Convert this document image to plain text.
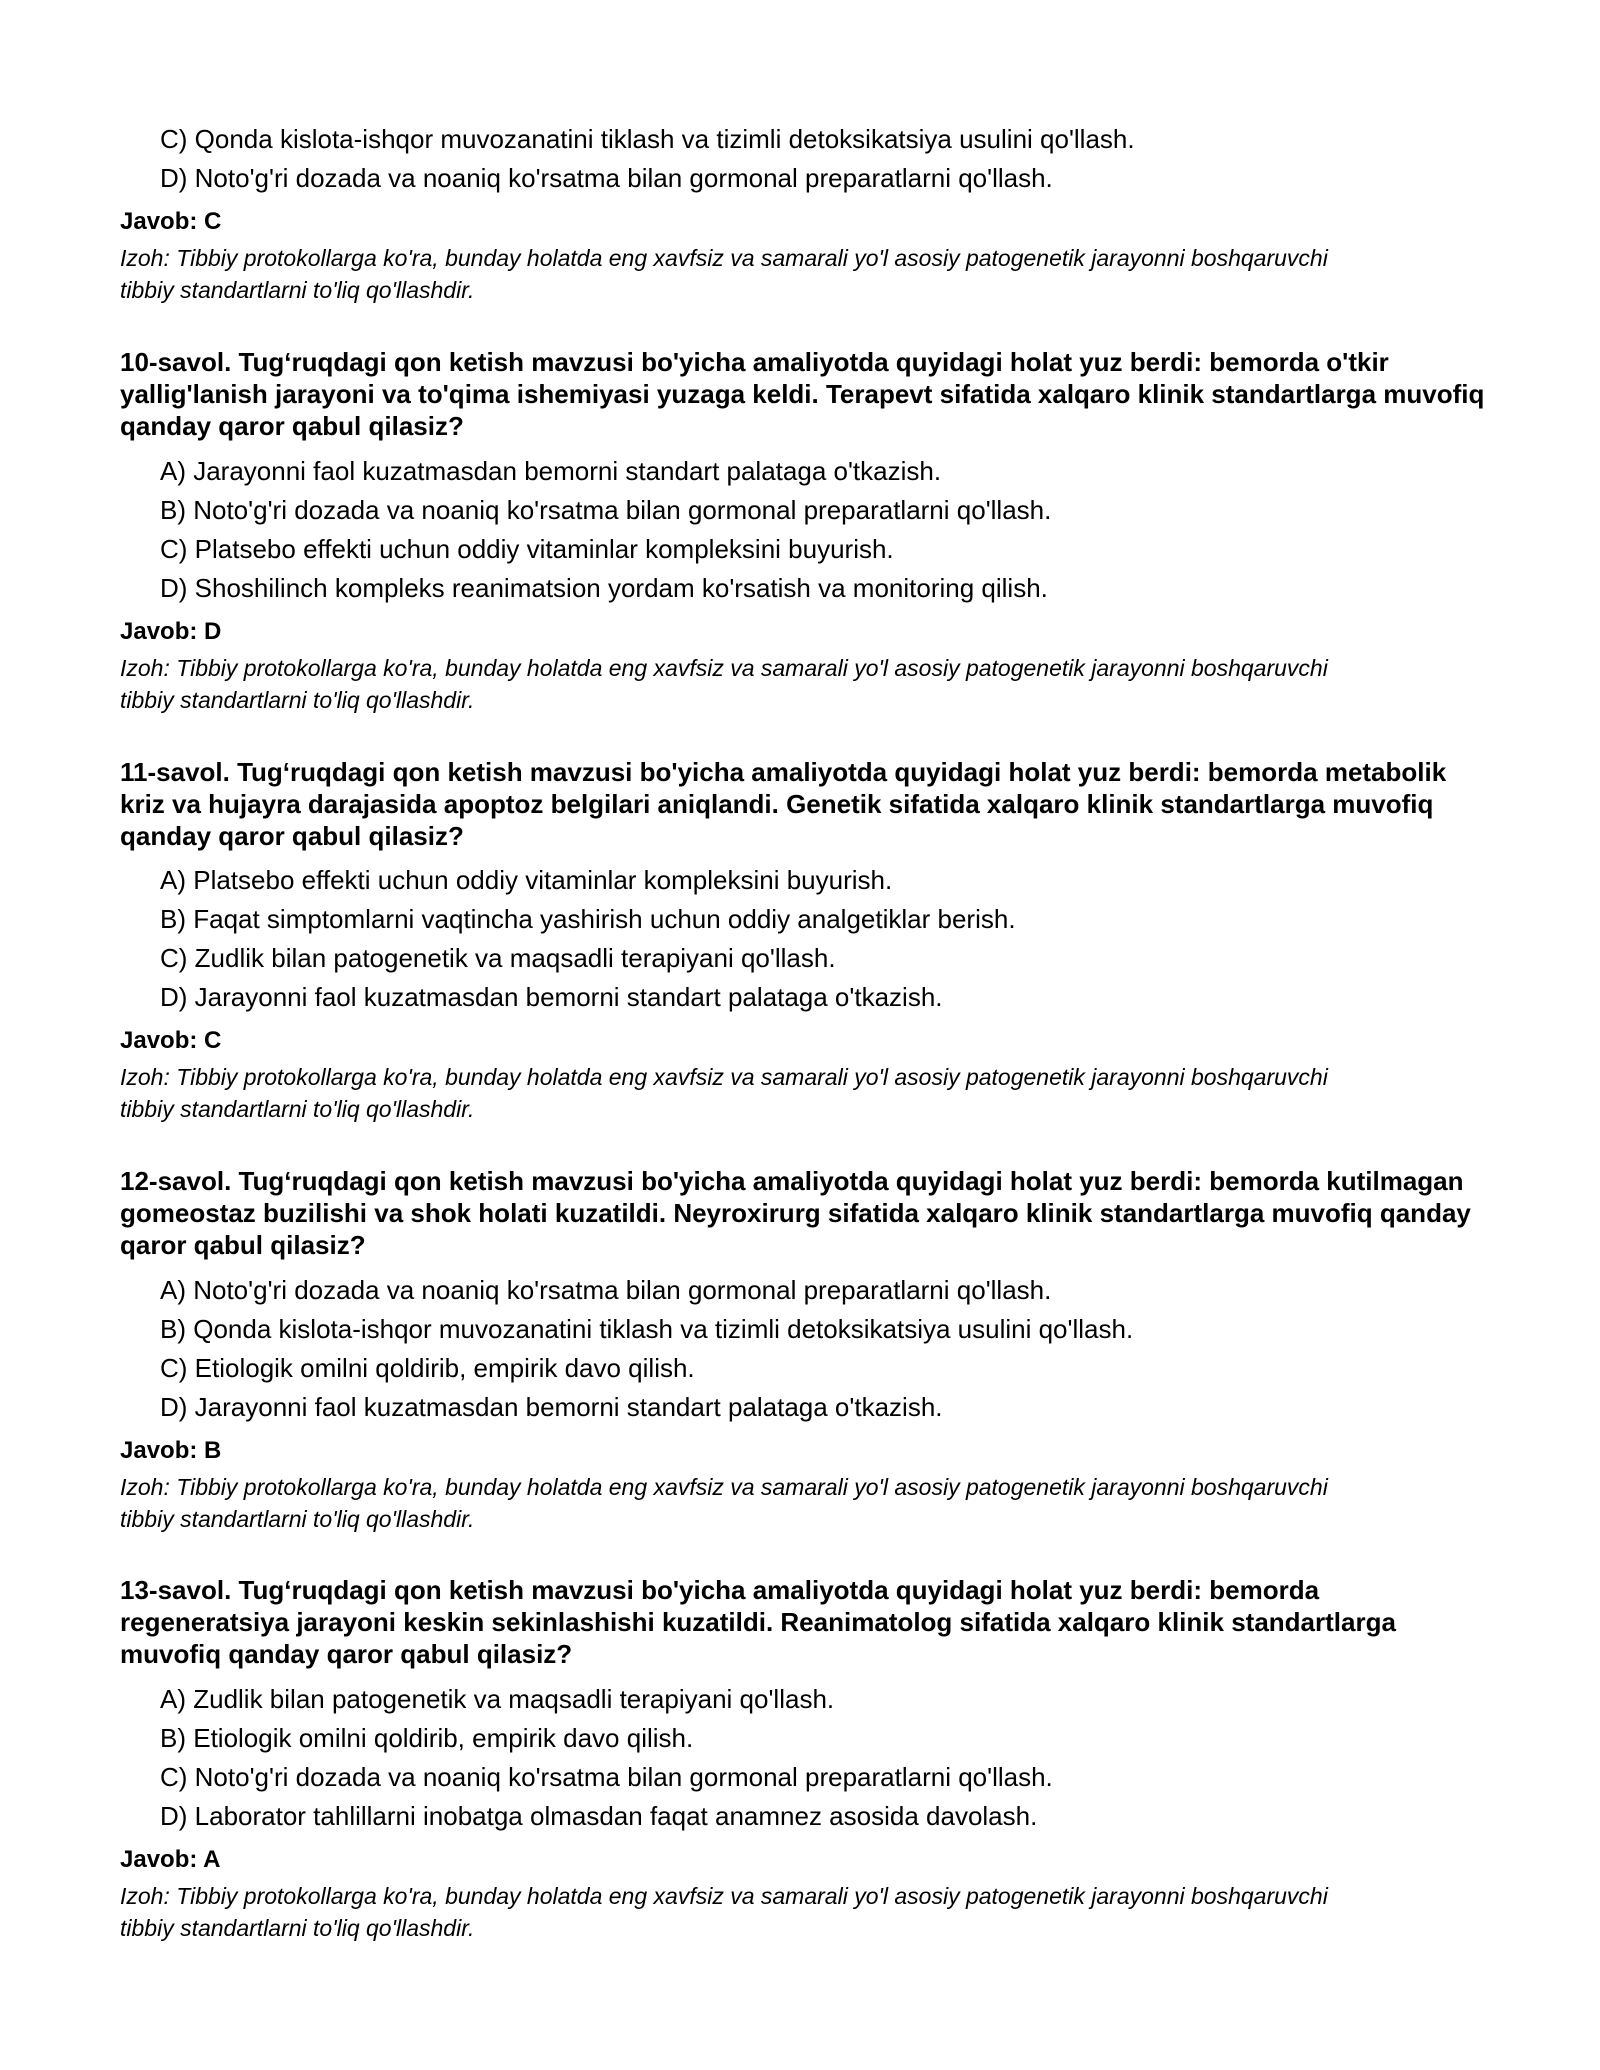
C) Qonda kislota-ishqor muvozanatini tiklash va tizimli detoksikatsiya usulini qo'llash.
D) Noto'g'ri dozada va noaniq ko'rsatma bilan gormonal preparatlarni qo'llash.
Javob: C
Izoh: Tibbiy protokollarga ko'ra, bunday holatda eng xavfsiz va samarali yo'l asosiy patogenetik jarayonni boshqaruvchi tibbiy standartlarni to'liq qo'llashdir.
10-savol. Tug‘ruqdagi qon ketish mavzusi bo'yicha amaliyotda quyidagi holat yuz berdi: bemorda o'tkir yallig'lanish jarayoni va to'qima ishemiyasi yuzaga keldi. Terapevt sifatida xalqaro klinik standartlarga muvofiq qanday qaror qabul qilasiz?
A) Jarayonni faol kuzatmasdan bemorni standart palataga o'tkazish.
B) Noto'g'ri dozada va noaniq ko'rsatma bilan gormonal preparatlarni qo'llash.
C) Platsebo effekti uchun oddiy vitaminlar kompleksini buyurish.
D) Shoshilinch kompleks reanimatsion yordam ko'rsatish va monitoring qilish.
Javob: D
Izoh: Tibbiy protokollarga ko'ra, bunday holatda eng xavfsiz va samarali yo'l asosiy patogenetik jarayonni boshqaruvchi tibbiy standartlarni to'liq qo'llashdir.
11-savol. Tug‘ruqdagi qon ketish mavzusi bo'yicha amaliyotda quyidagi holat yuz berdi: bemorda metabolik kriz va hujayra darajasida apoptoz belgilari aniqlandi. Genetik sifatida xalqaro klinik standartlarga muvofiq qanday qaror qabul qilasiz?
A) Platsebo effekti uchun oddiy vitaminlar kompleksini buyurish.
B) Faqat simptomlarni vaqtincha yashirish uchun oddiy analgetiklar berish.
C) Zudlik bilan patogenetik va maqsadli terapiyani qo'llash.
D) Jarayonni faol kuzatmasdan bemorni standart palataga o'tkazish.
Javob: C
Izoh: Tibbiy protokollarga ko'ra, bunday holatda eng xavfsiz va samarali yo'l asosiy patogenetik jarayonni boshqaruvchi tibbiy standartlarni to'liq qo'llashdir.
12-savol. Tug‘ruqdagi qon ketish mavzusi bo'yicha amaliyotda quyidagi holat yuz berdi: bemorda kutilmagan gomeostaz buzilishi va shok holati kuzatildi. Neyroxirurg sifatida xalqaro klinik standartlarga muvofiq qanday qaror qabul qilasiz?
A) Noto'g'ri dozada va noaniq ko'rsatma bilan gormonal preparatlarni qo'llash.
B) Qonda kislota-ishqor muvozanatini tiklash va tizimli detoksikatsiya usulini qo'llash.
C) Etiologik omilni qoldirib, empirik davo qilish.
D) Jarayonni faol kuzatmasdan bemorni standart palataga o'tkazish.
Javob: B
Izoh: Tibbiy protokollarga ko'ra, bunday holatda eng xavfsiz va samarali yo'l asosiy patogenetik jarayonni boshqaruvchi tibbiy standartlarni to'liq qo'llashdir.
13-savol. Tug‘ruqdagi qon ketish mavzusi bo'yicha amaliyotda quyidagi holat yuz berdi: bemorda regeneratsiya jarayoni keskin sekinlashishi kuzatildi. Reanimatolog sifatida xalqaro klinik standartlarga muvofiq qanday qaror qabul qilasiz?
A) Zudlik bilan patogenetik va maqsadli terapiyani qo'llash.
B) Etiologik omilni qoldirib, empirik davo qilish.
C) Noto'g'ri dozada va noaniq ko'rsatma bilan gormonal preparatlarni qo'llash.
D) Laborator tahlillarni inobatga olmasdan faqat anamnez asosida davolash.
Javob: A
Izoh: Tibbiy protokollarga ko'ra, bunday holatda eng xavfsiz va samarali yo'l asosiy patogenetik jarayonni boshqaruvchi tibbiy standartlarni to'liq qo'llashdir.
